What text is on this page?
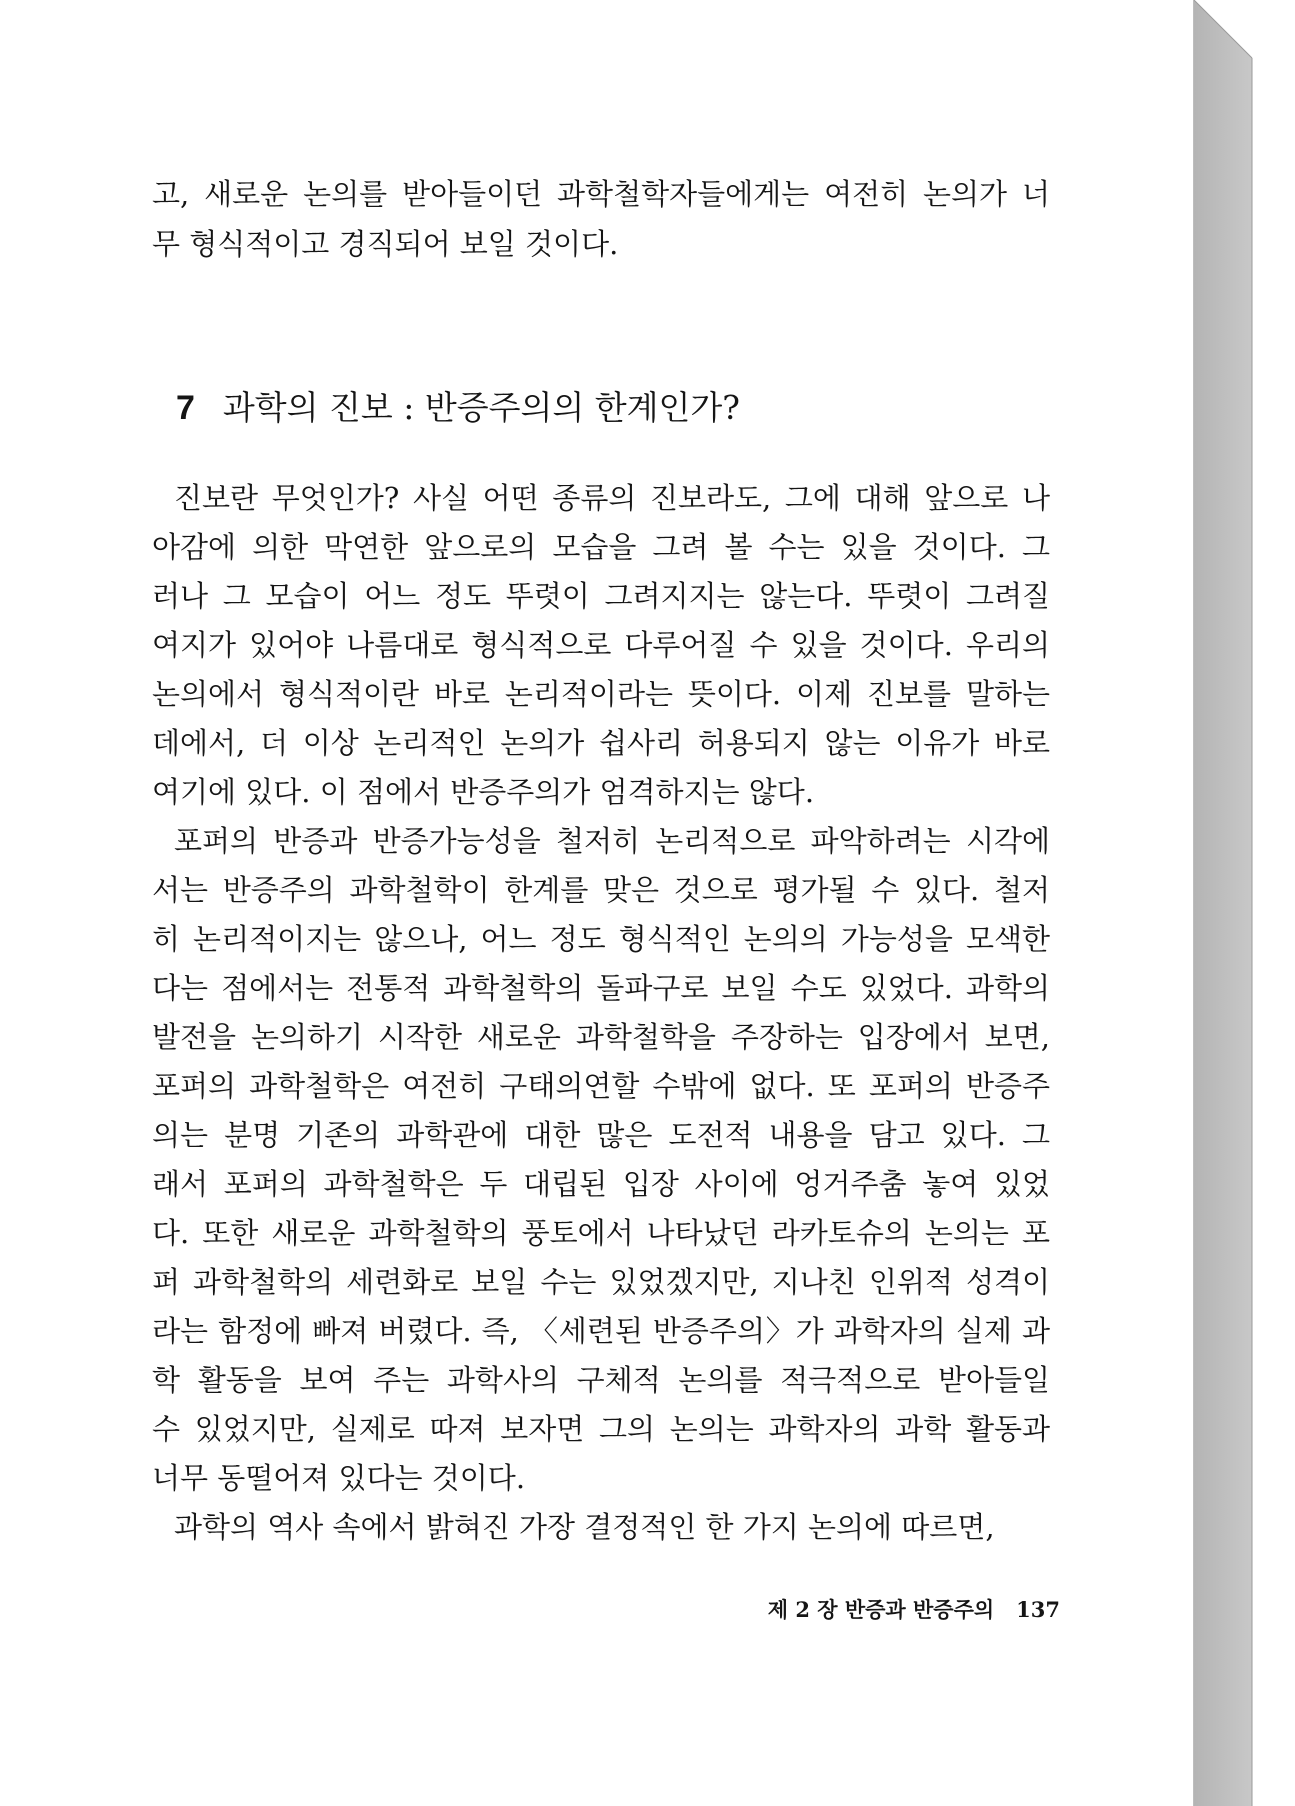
고, 새로운 논의를 받아들이던 과학철학자들에게는 여전히 논의가 너
무 형식적이고 경직되어 보일 것이다.
7 과학의 진보 : 반증주의의 한계인가?
진보란 무엇인가? 사실 어떤 종류의 진보라도, 그에 대해 앞으로 나
아감에 의한 막연한 앞으로의 모습을 그려 볼 수는 있을 것이다. 그
러나 그 모습이 어느 정도 뚜렷이 그려지지는 않는다. 뚜렷이 그려질
여지가 있어야 나름대로 형식적으로 다루어질 수 있을 것이다. 우리의
논의에서 형식적이란 바로 논리적이라는 뜻이다. 이제 진보를 말하는
데에서, 더 이상 논리적인 논의가 쉽사리 허용되지 않는 이유가 바로
여기에 있다. 이 점에서 반증주의가 엄격하지는 않다.
포퍼의 반증과 반증가능성을 철저히 논리적으로 파악하려는 시각에
서는 반증주의 과학철학이 한계를 맞은 것으로 평가될 수 있다. 철저
히 논리적이지는 않으나, 어느 정도 형식적인 논의의 가능성을 모색한
다는 점에서는 전통적 과학철학의 돌파구로 보일 수도 있었다. 과학의
발전을 논의하기 시작한 새로운 과학철학을 주장하는 입장에서 보면,
포퍼의 과학철학은 여전히 구태의연할 수밖에 없다. 또 포퍼의 반증주
의는 분명 기존의 과학관에 대한 많은 도전적 내용을 담고 있다. 그
래서 포퍼의 과학철학은 두 대립된 입장 사이에 엉거주춤 놓여 있었
다. 또한 새로운 과학철학의 풍토에서 나타났던 라카토슈의 논의는 포
퍼 과학철학의 세련화로 보일 수는 있었겠지만, 지나친 인위적 성격이
라는 함정에 빠져 버렸다. 즉, 〈세련된 반증주의〉가 과학자의 실제 과
학 활동을 보여 주는 과학사의 구체적 논의를 적극적으로 받아들일
수 있었지만, 실제로 따져 보자면 그의 논의는 과학자의 과학 활동과
너무 동떨어져 있다는 것이다.
과학의 역사 속에서 밝혀진 가장 결정적인 한 가지 논의에 따르면,
제 2 장 반증과 반증주의 137
